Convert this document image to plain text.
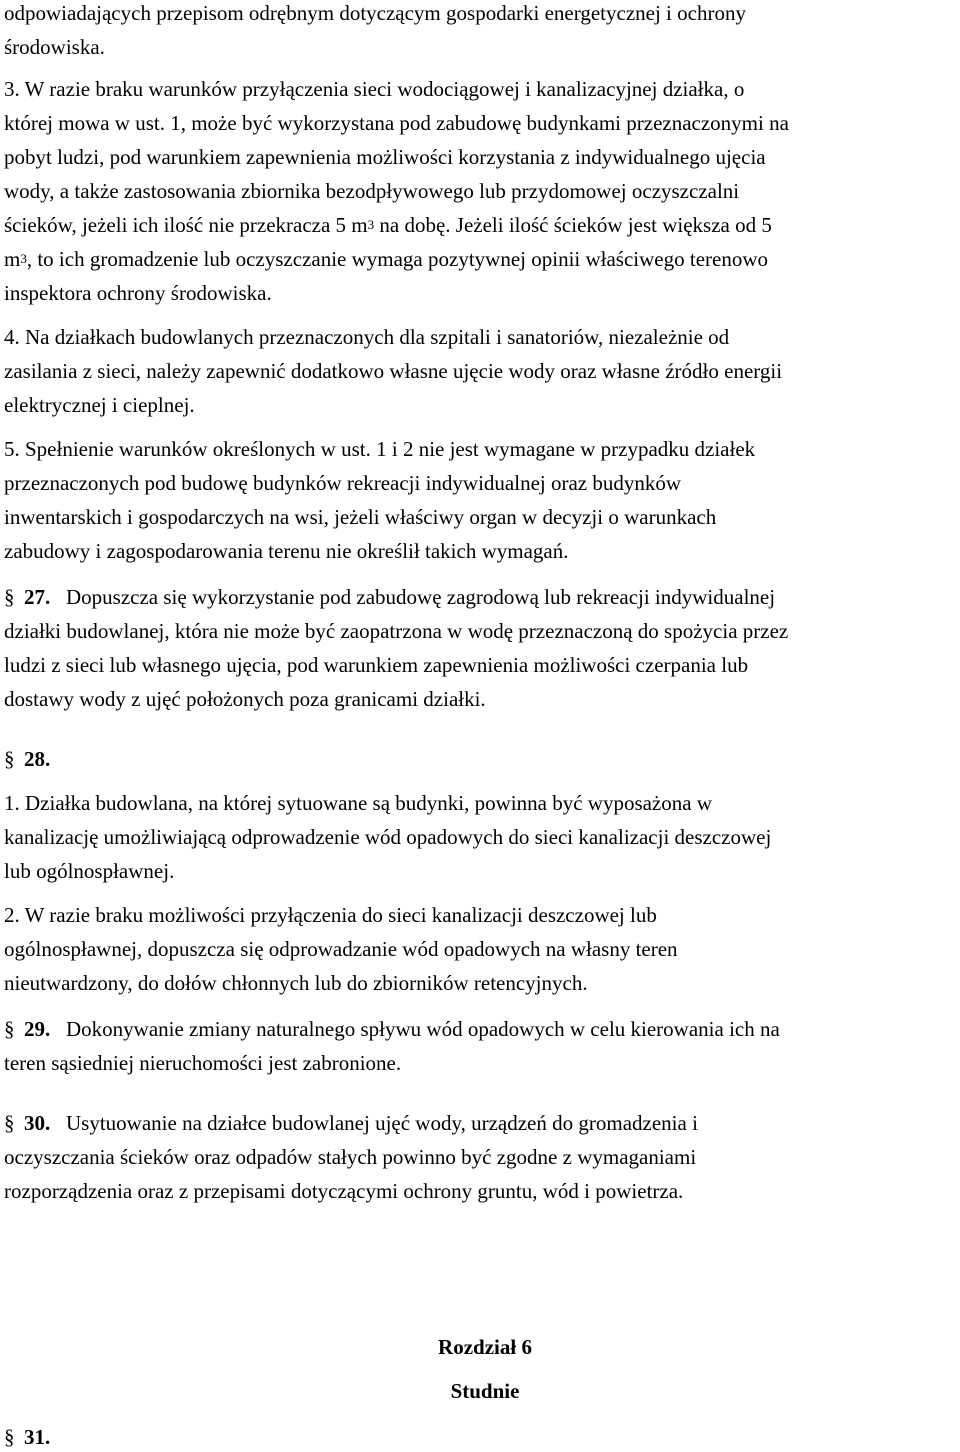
odpowiadających przepisom odrębnym dotyczącym gospodarki energetycznej i ochrony
środowiska.
3. W razie braku warunków przyłączenia sieci wodociągowej i kanalizacyjnej działka, o
której mowa w ust. 1, może być wykorzystana pod zabudowę budynkami przeznaczonymi na
pobyt ludzi, pod warunkiem zapewnienia możliwości korzystania z indywidualnego ujęcia
wody, a także zastosowania zbiornika bezodpływowego lub przydomowej oczyszczalni
ścieków, jeżeli ich ilość nie przekracza 5 $m^3$ na dobę. Jeżeli ilość ścieków jest większa od 5
$m^3$, to ich gromadzenie lub oczyszczanie wymaga pozytywnej opinii właściwego terenowo
inspektora ochrony środowiska.
4. Na działkach budowlanych przeznaczonych dla szpitali i sanatoriów, niezależnie od
zasilania z sieci, należy zapewnić dodatkowo własne ujęcie wody oraz własne źródło energii
elektrycznej i cieplnej.
5. Spełnienie warunków określonych w ust. 1 i 2 nie jest wymagane w przypadku działek
przeznaczonych pod budowę budynków rekreacji indywidualnej oraz budynków
inwentarskich i gospodarczych na wsi, jeżeli właściwy organ w decyzji o warunkach
zabudowy i zagospodarowania terenu nie określił takich wymagań.
§ 27. Dopuszcza się wykorzystanie pod zabudowę zagrodową lub rekreacji indywidualnej
działki budowlanej, która nie może być zaopatrzona w wodę przeznaczoną do spożycia przez
ludzi z sieci lub własnego ujęcia, pod warunkiem zapewnienia możliwości czerpania lub
dostawy wody z ujęć położonych poza granicami działki.
§ 28.
1. Działka budowlana, na której sytuowane są budynki, powinna być wyposażona w
kanalizację umożliwiającą odprowadzenie wód opadowych do sieci kanalizacji deszczowej
lub ogólnospławnej.
2. W razie braku możliwości przyłączenia do sieci kanalizacji deszczowej lub
ogólnospławnej, dopuszcza się odprowadzanie wód opadowych na własny teren
nieutwardzony, do dołów chłonnych lub do zbiorników retencyjnych.
§ 29. Dokonywanie zmiany naturalnego spływu wód opadowych w celu kierowania ich na
teren sąsiedniej nieruchomości jest zabronione.
§ 30. Usytuowanie na działce budowlanej ujęć wody, urządzeń do gromadzenia i
oczyszczania ścieków oraz odpadów stałych powinno być zgodne z wymaganiami
rozporządzenia oraz z przepisami dotyczącymi ochrony gruntu, wód i powietrza.
Rozdział 6
Studnie
§ 31.
